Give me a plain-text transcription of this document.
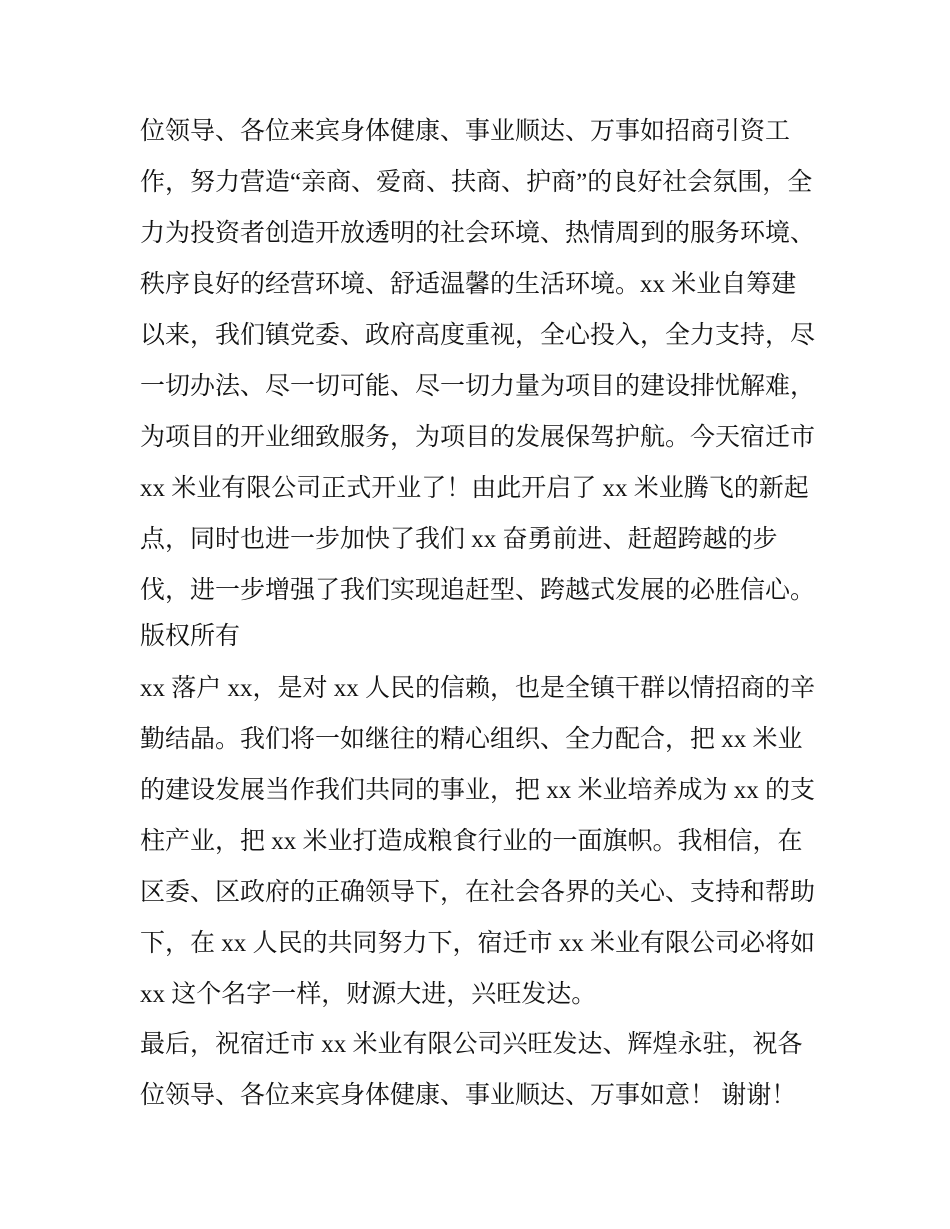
位领导、各位来宾身体健康、事业顺达、万事如招商引资工
作，努力营造“亲商、爱商、扶商、护商”的良好社会氛围，全
力为投资者创造开放透明的社会环境、热情周到的服务环境、
秩序良好的经营环境、舒适温馨的生活环境。xx 米业自筹建
以来，我们镇党委、政府高度重视，全心投入，全力支持，尽
一切办法、尽一切可能、尽一切力量为项目的建设排忧解难，
为项目的开业细致服务，为项目的发展保驾护航。今天宿迁市
xx 米业有限公司正式开业了！由此开启了 xx 米业腾飞的新起
点，同时也进一步加快了我们 xx 奋勇前进、赶超跨越的步
伐，进一步增强了我们实现追赶型、跨越式发展的必胜信心。
版权所有
xx 落户 xx，是对 xx 人民的信赖，也是全镇干群以情招商的辛
勤结晶。我们将一如继往的精心组织、全力配合，把 xx 米业
的建设发展当作我们共同的事业，把 xx 米业培养成为 xx 的支
柱产业，把 xx 米业打造成粮食行业的一面旗帜。我相信，在
区委、区政府的正确领导下，在社会各界的关心、支持和帮助
下，在 xx 人民的共同努力下，宿迁市 xx 米业有限公司必将如
xx 这个名字一样，财源大进，兴旺发达。
最后，祝宿迁市 xx 米业有限公司兴旺发达、辉煌永驻，祝各
位领导、各位来宾身体健康、事业顺达、万事如意！ 谢谢！
